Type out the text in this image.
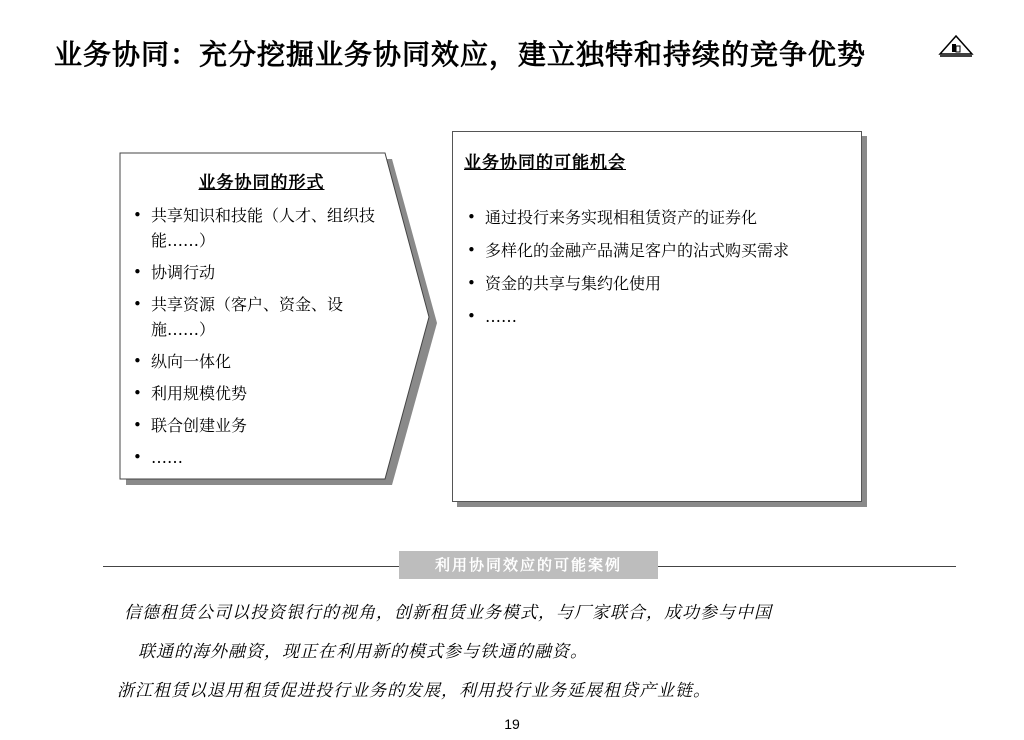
业务协同：充分挖掘业务协同效应，建立独特和持续的竞争优势
业务协同的形式
• 共享知识和技能（人才、组织技能……）
• 协调行动
• 共享资源（客户、资金、设施……）
• 纵向一体化
• 利用规模优势
• 联合创建业务
• ……
业务协同的可能机会
• 通过投行来务实现相租赁资产的证券化
• 多样化的金融产品满足客户的沾式购买需求
• 资金的共享与集约化使用
• ……
利用协同效应的可能案例
信德租赁公司以投资银行的视角，创新租赁业务模式，与厂家联合，成功参与中国
联通的海外融资，现正在利用新的模式参与铁通的融资。
浙江租赁以退用租赁促进投行业务的发展，利用投行业务延展租贷产业链。
19
